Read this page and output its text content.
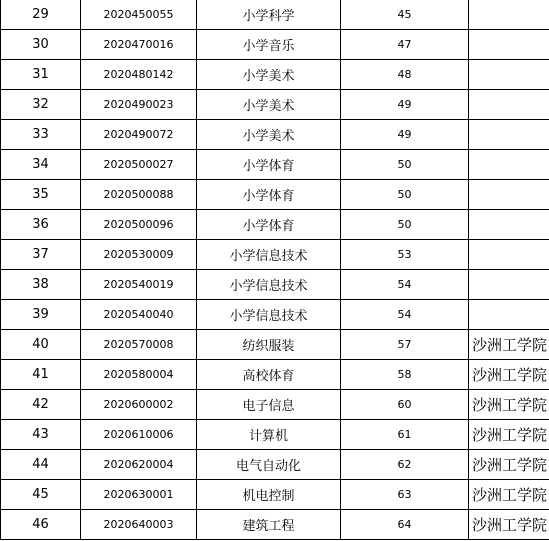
29	2020450055	小学科学	45		
30	2020470016	小学音乐	47		
31	2020480142	小学美术	48		
32	2020490023	小学美术	49		
33	2020490072	小学美术	49		
34	2020500027	小学体育	50		
35	2020500088	小学体育	50		
36	2020500096	小学体育	50		
37	2020530009	小学信息技术	53		
38	2020540019	小学信息技术	54		
39	2020540040	小学信息技术	54		
40	2020570008	纺织服装	57		沙洲工学院
41	2020580004	高校体育	58		沙洲工学院
42	2020600002	电子信息	60		沙洲工学院
43	2020610006	计算机	61		沙洲工学院
44	2020620004	电气自动化	62		沙洲工学院
45	2020630001	机电控制	63		沙洲工学院
46	2020640003	建筑工程	64		沙洲工学院
